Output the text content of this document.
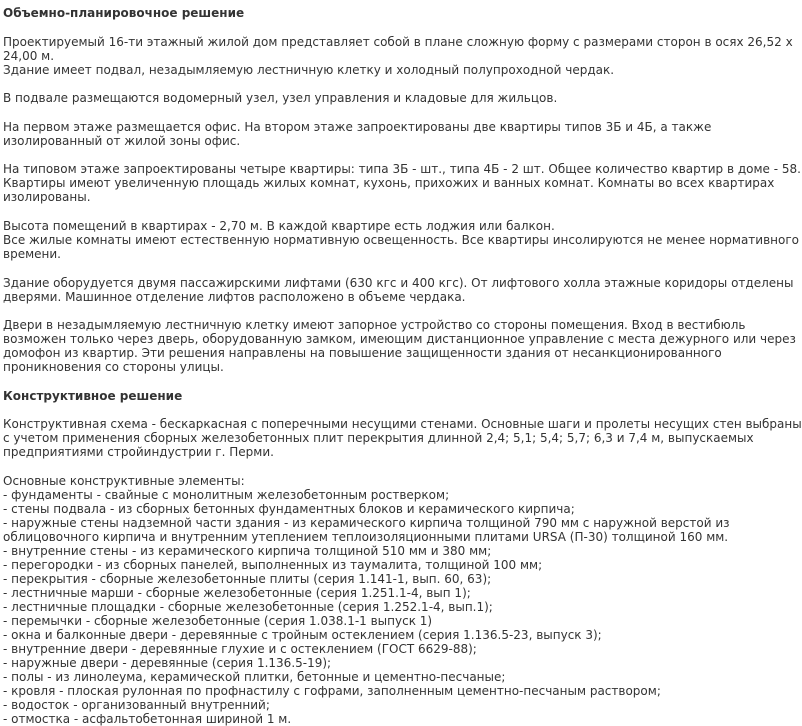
Объемно-планировочное решение
Проектируемый 16-ти этажный жилой дом представляет собой в плане сложную форму с размерами сторон в осях 26,52 х
24,00 м.
Здание имеет подвал, незадымляемую лестничную клетку и холодный полупроходной чердак.
В подвале размещаются водомерный узел, узел управления и кладовые для жильцов.
На первом этаже размещается офис. На втором этаже запроектированы две квартиры типов 3Б и 4Б, а также
изолированный от жилой зоны офис.
На типовом этаже запроектированы четыре квартиры: типа 3Б - шт., типа 4Б - 2 шт. Общее количество квартир в доме - 58.
Квартиры имеют увеличенную площадь жилых комнат, кухонь, прихожих и ванных комнат. Комнаты во всех квартирах
изолированы.
Высота помещений в квартирах - 2,70 м. В каждой квартире есть лоджия или балкон.
Все жилые комнаты имеют естественную нормативную освещенность. Все квартиры инсолируются не менее нормативного
времени.
Здание оборудуется двумя пассажирскими лифтами (630 кгс и 400 кгс). От лифтового холла этажные коридоры отделены
дверями. Машинное отделение лифтов расположено в объеме чердака.
Двери в незадымляемую лестничную клетку имеют запорное устройство со стороны помещения. Вход в вестибюль
возможен только через дверь, оборудованную замком, имеющим дистанционное управление с места дежурного или через
домофон из квартир. Эти решения направлены на повышение защищенности здания от несанкционированного
проникновения со стороны улицы.
Конструктивное решение
Конструктивная схема - бескаркасная с поперечными несущими стенами. Основные шаги и пролеты несущих стен выбраны
с учетом применения сборных железобетонных плит перекрытия длинной 2,4; 5,1; 5,4; 5,7; 6,3 и 7,4 м, выпускаемых
предприятиями стройиндустрии г. Перми.
Основные конструктивные элементы:
- фундаменты - свайные с монолитным железобетонным ростверком;
- стены подвала - из сборных бетонных фундаментных блоков и керамического кирпича;
- наружные стены надземной части здания - из керамического кирпича толщиной 790 мм с наружной верстой из
облицовочного кирпича и внутренним утеплением теплоизоляционными плитами URSA (П-30) толщиной 160 мм.
- внутренние стены - из керамического кирпича толщиной 510 мм и 380 мм;
- перегородки - из сборных панелей, выполненных из таумалита, толщиной 100 мм;
- перекрытия - сборные железобетонные плиты (серия 1.141-1, вып. 60, 63);
- лестничные марши - сборные железобетонные (серия 1.251.1-4, вып 1);
- лестничные площадки - сборные железобетонные (серия 1.252.1-4, вып.1);
- перемычки - сборные железобетонные (серия 1.038.1-1 выпуск 1)
- окна и балконные двери - деревянные с тройным остеклением (серия 1.136.5-23, выпуск 3);
- внутренние двери - деревянные глухие и с остеклением (ГОСТ 6629-88);
- наружные двери - деревянные (серия 1.136.5-19);
- полы - из линолеума, керамической плитки, бетонные и цементно-песчаные;
- кровля - плоская рулонная по профнастилу с гофрами, заполненным цементно-песчаным раствором;
- водосток - организованный внутренний;
- отмостка - асфальтобетонная шириной 1 м.
